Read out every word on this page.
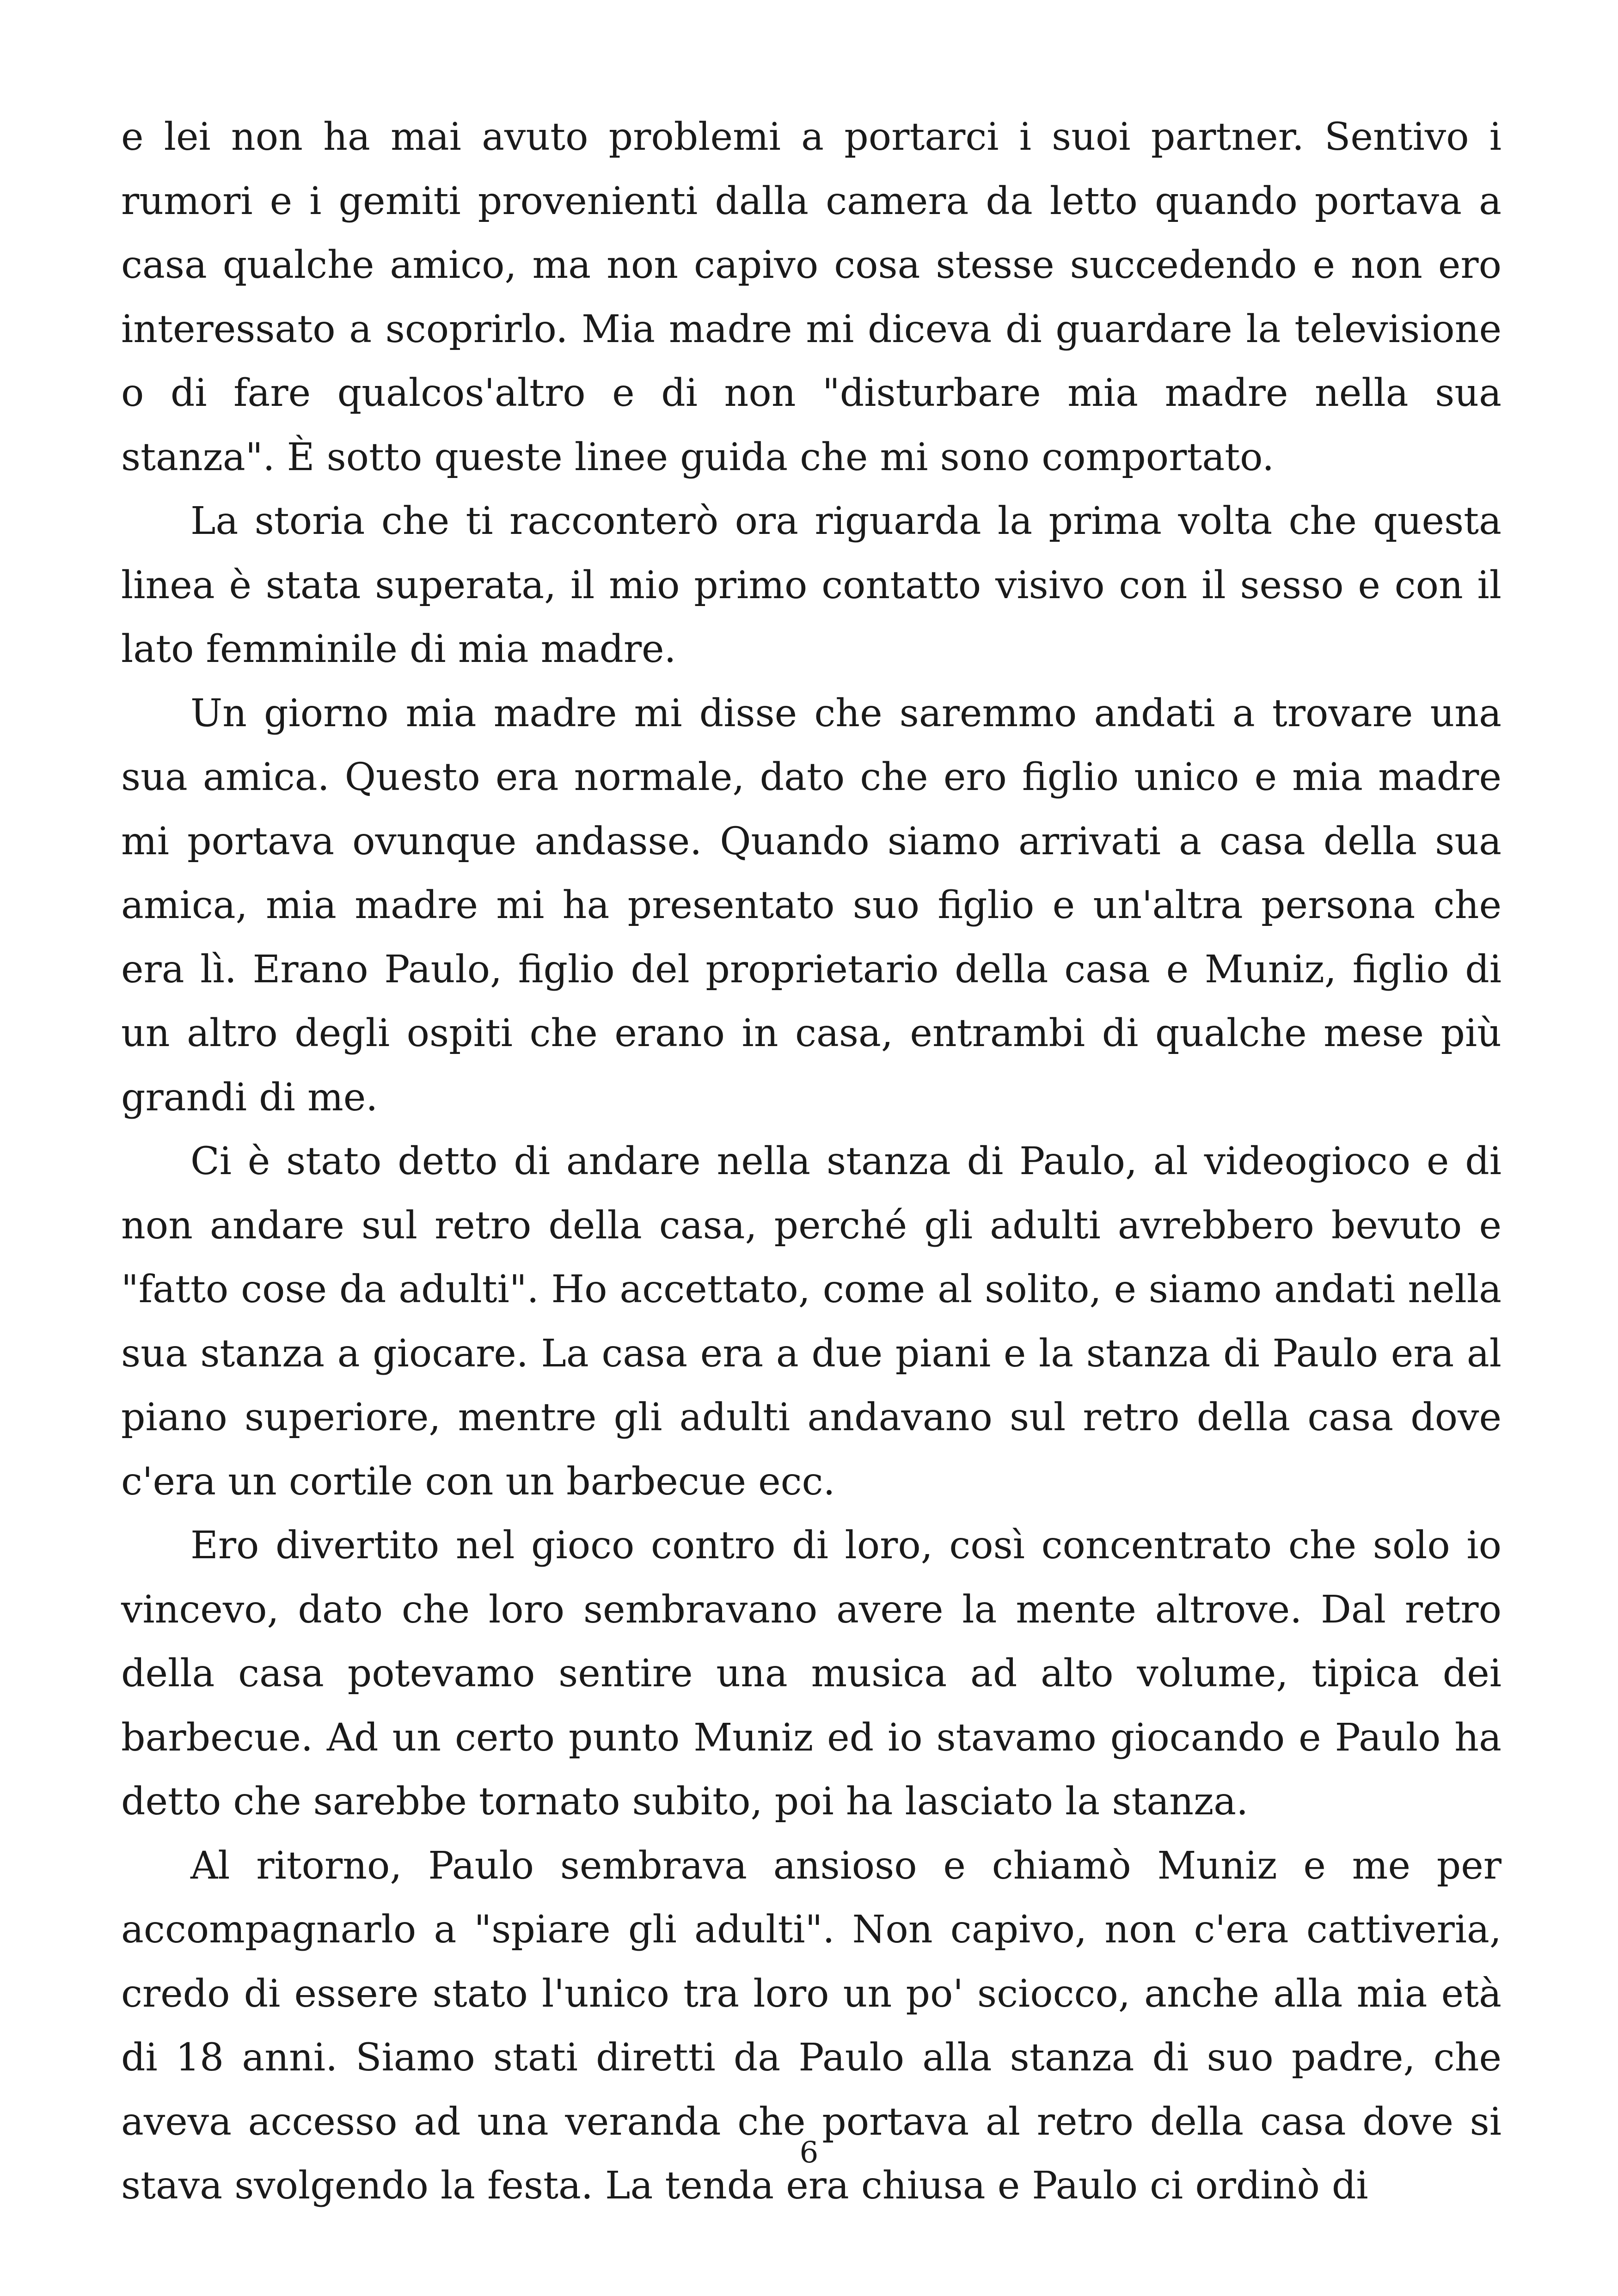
e lei non ha mai avuto problemi a portarci i suoi partner. Sentivo i rumori e i gemiti provenienti dalla camera da letto quando portava a casa qualche amico, ma non capivo cosa stesse succedendo e non ero interessato a scoprirlo. Mia madre mi diceva di guardare la televisione o di fare qualcos'altro e di non "disturbare mia madre nella sua stanza". È sotto queste linee guida che mi sono comportato.

La storia che ti racconterò ora riguarda la prima volta che questa linea è stata superata, il mio primo contatto visivo con il sesso e con il lato femminile di mia madre.

Un giorno mia madre mi disse che saremmo andati a trovare una sua amica. Questo era normale, dato che ero figlio unico e mia madre mi portava ovunque andasse. Quando siamo arrivati a casa della sua amica, mia madre mi ha presentato suo figlio e un'altra persona che era lì. Erano Paulo, figlio del proprietario della casa e Muniz, figlio di un altro degli ospiti che erano in casa, entrambi di qualche mese più grandi di me.

Ci è stato detto di andare nella stanza di Paulo, al videogioco e di non andare sul retro della casa, perché gli adulti avrebbero bevuto e "fatto cose da adulti". Ho accettato, come al solito, e siamo andati nella sua stanza a giocare. La casa era a due piani e la stanza di Paulo era al piano superiore, mentre gli adulti andavano sul retro della casa dove c'era un cortile con un barbecue ecc.

Ero divertito nel gioco contro di loro, così concentrato che solo io vincevo, dato che loro sembravano avere la mente altrove. Dal retro della casa potevamo sentire una musica ad alto volume, tipica dei barbecue. Ad un certo punto Muniz ed io stavamo giocando e Paulo ha detto che sarebbe tornato subito, poi ha lasciato la stanza.

Al ritorno, Paulo sembrava ansioso e chiamò Muniz e me per accompagnarlo a "spiare gli adulti". Non capivo, non c'era cattiveria, credo di essere stato l'unico tra loro un po' sciocco, anche alla mia età di 18 anni. Siamo stati diretti da Paulo alla stanza di suo padre, che aveva accesso ad una veranda che portava al retro della casa dove si stava svolgendo la festa. La tenda era chiusa e Paulo ci ordinò di

6
